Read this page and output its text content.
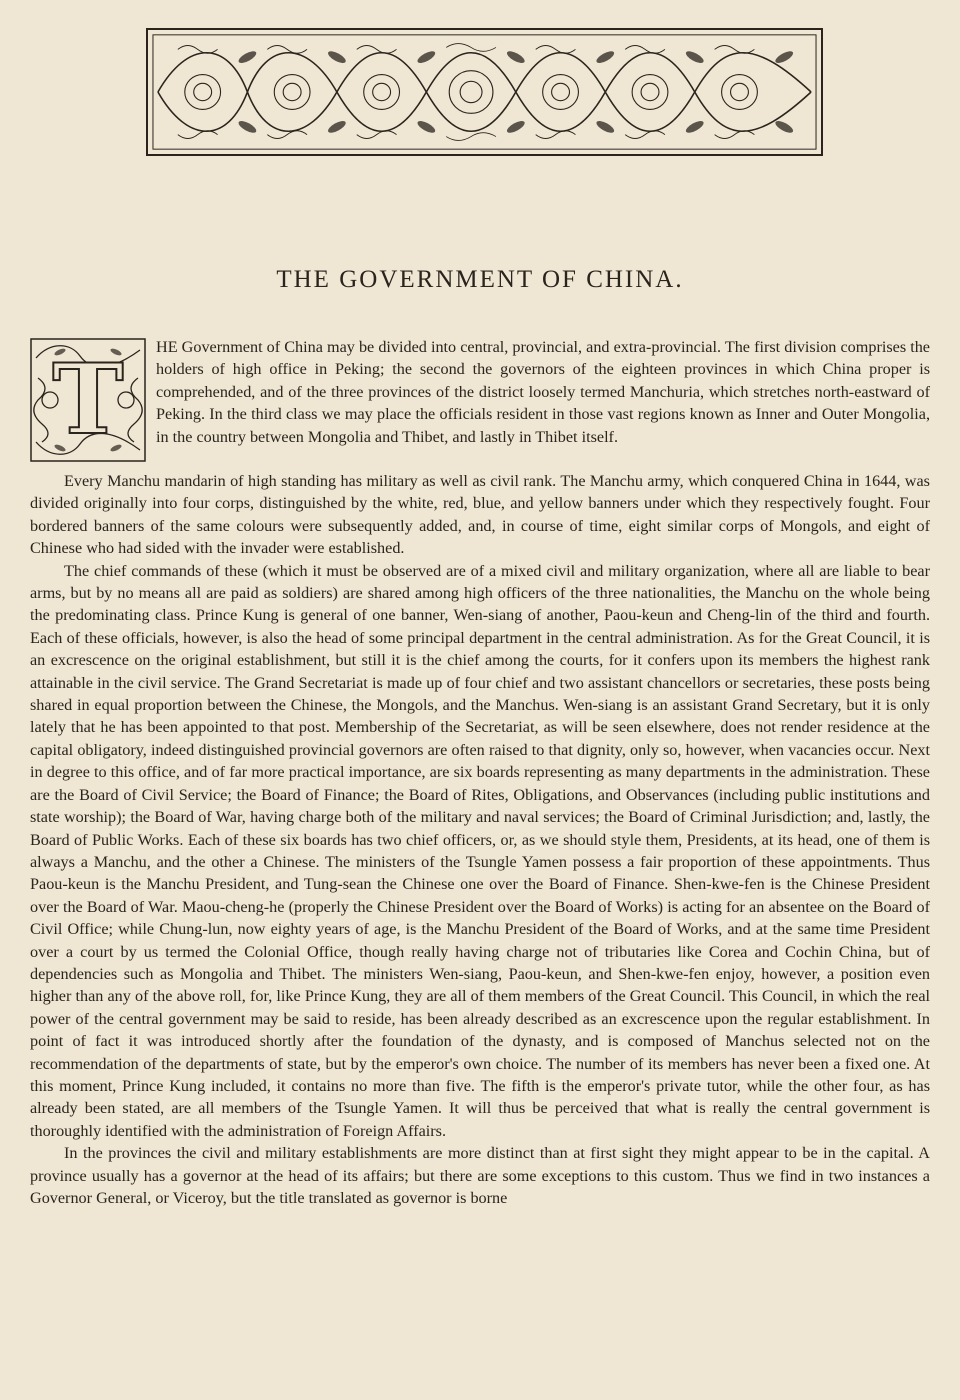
THE GOVERNMENT OF CHINA.

T	HE Government of China may be divided into central, provincial, and extra-provincial. The first division comprises the holders of high office in Peking; the second the governors of the eighteen provinces in which China proper is comprehended, and of the three provinces of the district loosely termed Manchuria, which stretches north-eastward of Peking. In the third class we may place the officials resident in those vast regions known as Inner and Outer Mongolia, in the country between Mongolia and Thibet, and lastly in Thibet itself.

Every Manchu mandarin of high standing has military as well as civil rank. The Manchu army, which conquered China in 1644, was divided originally into four corps, distinguished by the white, red, blue, and yellow banners under which they respectively fought. Four bordered banners of the same colours were subsequently added, and, in course of time, eight similar corps of Mongols, and eight of Chinese who had sided with the invader were established.

The chief commands of these (which it must be observed are of a mixed civil and military organization, where all are liable to bear arms, but by no means all are paid as soldiers) are shared among high officers of the three nationalities, the Manchu on the whole being the predominating class. Prince Kung is general of one banner, Wen-siang of another, Paou-keun and Cheng-lin of the third and fourth. Each of these officials, however, is also the head of some principal department in the central administration. As for the Great Council, it is an excrescence on the original establishment, but still it is the chief among the courts, for it confers upon its members the highest rank attainable in the civil service. The Grand Secretariat is made up of four chief and two assistant chancellors or secretaries, these posts being shared in equal proportion between the Chinese, the Mongols, and the Manchus. Wen-siang is an assistant Grand Secretary, but it is only lately that he has been appointed to that post. Membership of the Secretariat, as will be seen elsewhere, does not render residence at the capital obligatory, indeed distinguished provincial governors are often raised to that dignity, only so, however, when vacancies occur. Next in degree to this office, and of far more practical importance, are six boards representing as many departments in the administration. These are the Board of Civil Service; the Board of Finance; the Board of Rites, Obligations, and Observances (including public institutions and state worship); the Board of War, having charge both of the military and naval services; the Board of Criminal Jurisdiction; and, lastly, the Board of Public Works. Each of these six boards has two chief officers, or, as we should style them, Presidents, at its head, one of them is always a Manchu, and the other a Chinese. The ministers of the Tsungle Yamen possess a fair proportion of these appointments. Thus Paou-keun is the Manchu President, and Tung-sean the Chinese one over the Board of Finance. Shen-kwe-fen is the Chinese President over the Board of War. Maou-cheng-he (properly the Chinese President over the Board of Works) is acting for an absentee on the Board of Civil Office; while Chung-lun, now eighty years of age, is the Manchu President of the Board of Works, and at the same time President over a court by us termed the Colonial Office, though really having charge not of tributaries like Corea and Cochin China, but of dependencies such as Mongolia and Thibet. The ministers Wen-siang, Paou-keun, and Shen-kwe-fen enjoy, however, a position even higher than any of the above roll, for, like Prince Kung, they are all of them members of the Great Council. This Council, in which the real power of the central government may be said to reside, has been already described as an excrescence upon the regular establishment. In point of fact it was introduced shortly after the foundation of the dynasty, and is composed of Manchus selected not on the recommendation of the departments of state, but by the emperor's own choice. The number of its members has never been a fixed one. At this moment, Prince Kung included, it contains no more than five. The fifth is the emperor's private tutor, while the other four, as has already been stated, are all members of the Tsungle Yamen. It will thus be perceived that what is really the central government is thoroughly identified with the administration of Foreign Affairs.

In the provinces the civil and military establishments are more distinct than at first sight they might appear to be in the capital. A province usually has a governor at the head of its affairs; but there are some exceptions to this custom. Thus we find in two instances a Governor General, or Viceroy, but the title translated as governor is borne
